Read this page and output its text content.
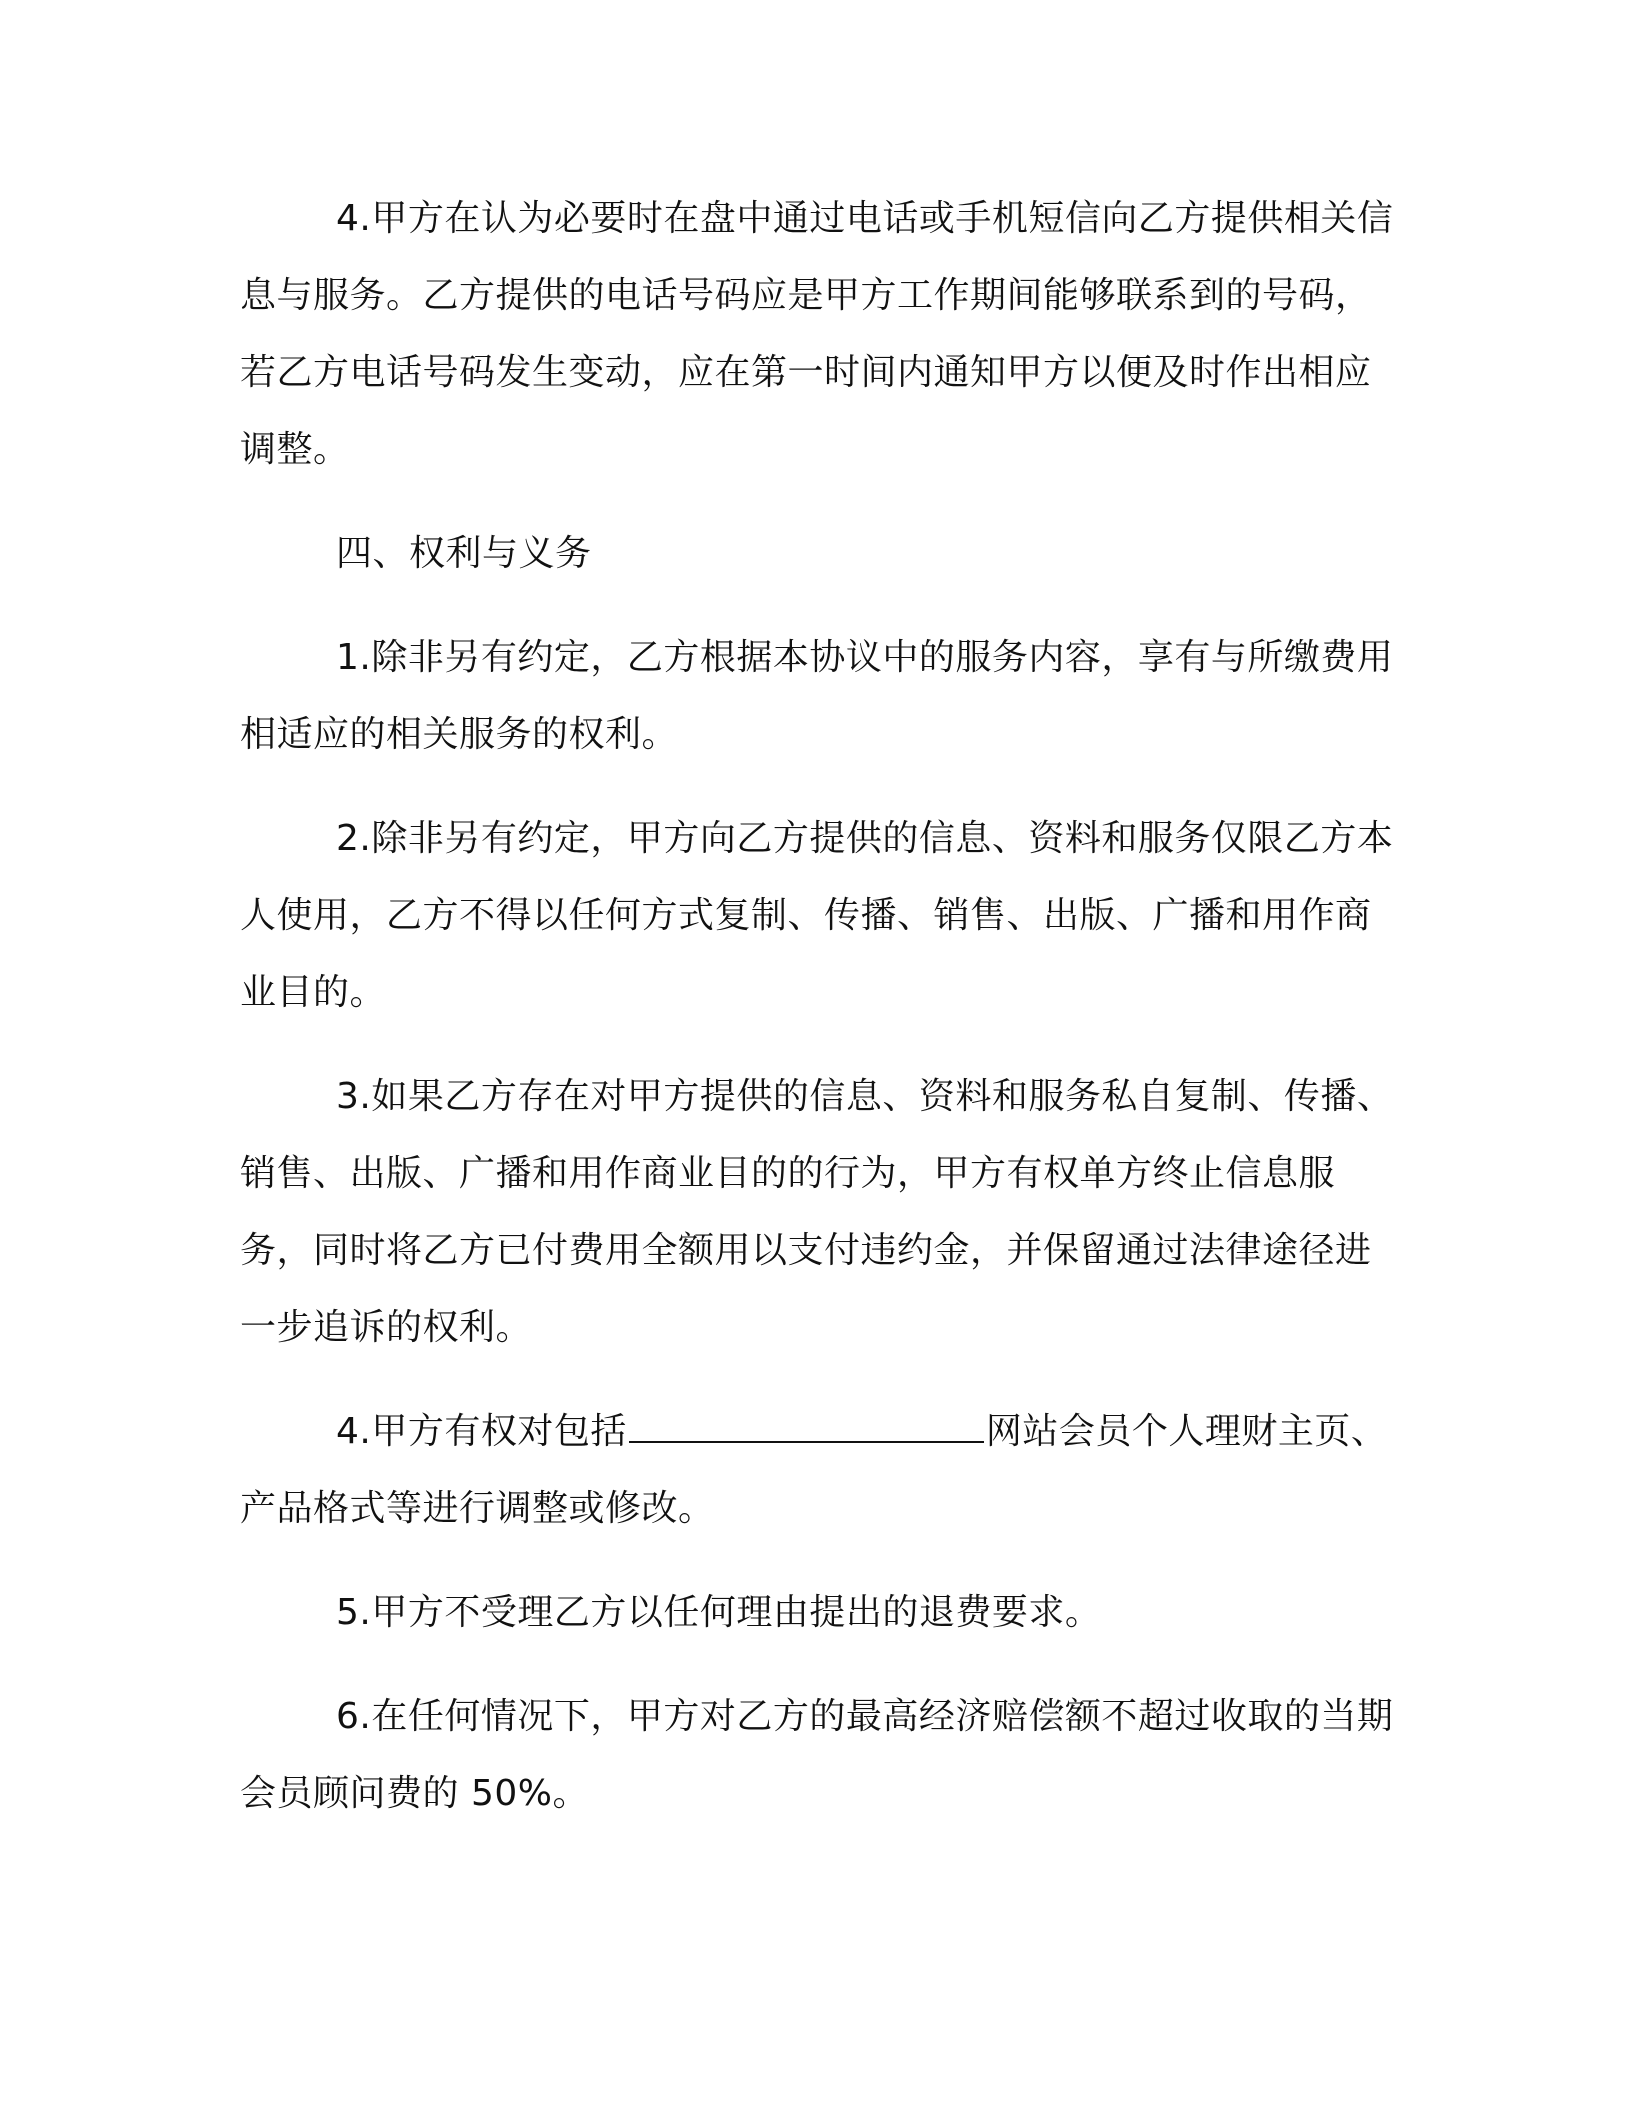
4.甲方在认为必要时在盘中通过电话或手机短信向乙方提供相关信息与服务。乙方提供的电话号码应是甲方工作期间能够联系到的号码，若乙方电话号码发生变动，应在第一时间内通知甲方以便及时作出相应调整。

四、权利与义务

1.除非另有约定，乙方根据本协议中的服务内容，享有与所缴费用相适应的相关服务的权利。

2.除非另有约定，甲方向乙方提供的信息、资料和服务仅限乙方本人使用，乙方不得以任何方式复制、传播、销售、出版、广播和用作商业目的。

3.如果乙方存在对甲方提供的信息、资料和服务私自复制、传播、销售、出版、广播和用作商业目的的行为，甲方有权单方终止信息服务，同时将乙方已付费用全额用以支付违约金，并保留通过法律途径进一步追诉的权利。

4.甲方有权对包括	网站会员个人理财主页、产品格式等进行调整或修改。

5.甲方不受理乙方以任何理由提出的退费要求。

6.在任何情况下，甲方对乙方的最高经济赔偿额不超过收取的当期会员顾问费的 50%。
